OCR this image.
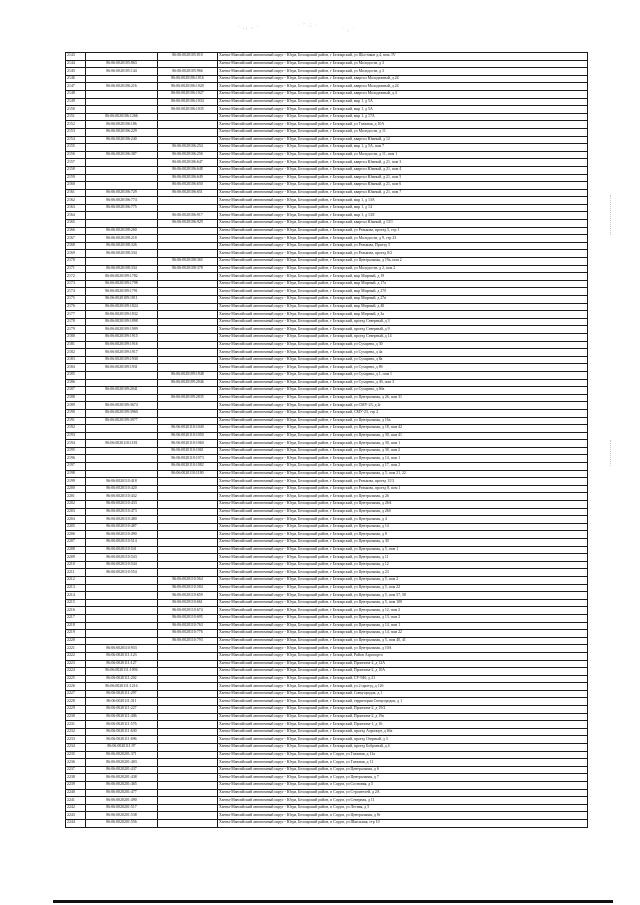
· ,¸ ‚ ·	∙ ' ∴ ·	· ¸ ·
2143		86:06:0020105:810	Ханты-Мансийский автономный округ - Югра, Белоярский район, г Белоярский, ул Шостаков д.4, пом. IV
2144	86:06:0020105:863		Ханты-Мансийский автономный округ - Югра, Белоярский район, г Белоярский, ул Молодости, д 3
2145	86:06:0020105:144	86:06:0020105:966	Ханты-Мансийский автономный округ - Югра, Белоярский район, г Белоярский, ул Молодости, д 3
2146		86:06:0020106:1016	Ханты-Мансийский автономный округ - Югра, Белоярский район, г Белоярский, квартал Молодежный, д 24
2147	86:06:0020106:216	86:06:0020106:1020	Ханты-Мансийский автономный округ - Югра, Белоярский район, г Белоярский, квартал Молодежный, д 24
2148		86:06:0020106:1027	Ханты-Мансийский автономный округ - Югра, Белоярский район, г Белоярский, квартал Молодежный, д 4
2149		86:06:0020106:1034	Ханты-Мансийский автономный округ - Югра, Белоярский район, г Белоярский, мкр 1, д 5А
2150		86:06:0020106:1035	Ханты-Мансийский автономный округ - Югра, Белоярский район, г Белоярский, мкр 1, д 5А
2151	86:06:0020106:1266		Ханты-Мансийский автономный округ - Югра, Белоярский район, г Белоярский, мкр 1, д 17А
2152	86:06:0020106:186		Ханты-Мансийский автономный округ - Югра, Белоярский район, г Белоярский, ул Таежная, д 10А
2153	86:06:0020106:229		Ханты-Мансийский автономный округ - Югра, Белоярский район, г Белоярский, ул Молодости, д 11
2154	86:06:0020106:240		Ханты-Мансийский автономный округ - Югра, Белоярский район, г Белоярский, квартал Южный, д 12
2155		86:06:0020106:254	Ханты-Мансийский автономный округ - Югра, Белоярский район, г Белоярский, мкр 1, д 5А, пом 7
2156	86:06:0020106:387	86:06:0020106:256	Ханты-Мансийский автономный округ - Югра, Белоярский район, г Белоярский, ул Молодости, д 11, пом 1
2157		86:06:0020106:647	Ханты-Мансийский автономный округ - Югра, Белоярский район, г Белоярский, квартал Южный, д 21, пом 3
2158		86:06:0020106:648	Ханты-Мансийский автономный округ - Югра, Белоярский район, г Белоярский, квартал Южный, д 21, пом 4
2159		86:06:0020106:649	Ханты-Мансийский автономный округ - Югра, Белоярский район, г Белоярский, квартал Южный, д 21, пом 5
2160		86:06:0020106:650	Ханты-Мансийский автономный округ - Югра, Белоярский район, г Белоярский, квартал Южный, д 21, пом 6
2161	86:06:0020106:729	86:06:0020106:651	Ханты-Мансийский автономный округ - Югра, Белоярский район, г Белоярский, квартал Южный, д 21, пом 7
2162	86:06:0020106:774		Ханты-Мансийский автономный округ - Югра, Белоярский район, г Белоярский, мкр 1, д 13А
2163	86:06:0020106:775		Ханты-Мансийский автономный округ - Югра, Белоярский район, г Белоярский, мкр 1, д 14
2164		86:06:0020106:917	Ханты-Мансийский автономный округ - Югра, Белоярский район, г Белоярский, мкр 1, д 13Л
2165		86:06:0020106:929	Ханты-Мансийский автономный округ - Югра, Белоярский район, г Белоярский, квартал Южный, д 13/1
2166	86:06:0020108:260		Ханты-Мансийский автономный округ - Югра, Белоярский район, г Белоярский, ул Ратькова, проезд 5, стр 1
2167	86:06:0020108:218		Ханты-Мансийский автономный округ - Югра, Белоярский район, г Белоярский, ул Молодости, д 9, стр 23
2168	86:06:0020108:326		Ханты-Мансийский автономный округ - Югра, Белоярский район, г Белоярский, ул Ратькова, Проезд 3
2169	86:06:0020108:334		Ханты-Мансийский автономный округ - Югра, Белоярский район, г Белоярский, ул Ратькова, проезд 8/2
2170		86:06:0020108:365	Ханты-Мансийский автономный округ - Югра, Белоярский район, г Белоярский, ул Центральная, д 19а, пом 2
2171	86:06:0020108:334	86:06:0020108:378	Ханты-Мансийский автономный округ - Югра, Белоярский район, г Белоярский, ул Молодости, д 2, пом 2
2172	86:06:0020109:1782		Ханты-Мансийский автономный округ - Югра, Белоярский район, г Белоярский, мкр Мирный, д 19
2173	86:06:0020109:1798		Ханты-Мансийский автономный округ - Югра, Белоярский район, г Белоярский, мкр Мирный, д 17а
2174	86:06:0020109:1791		Ханты-Мансийский автономный округ - Югра, Белоярский район, г Белоярский, мкр Мирный, д 27б
2175	86:06:0020109:1811		Ханты-Мансийский автономный округ - Югра, Белоярский район, г Белоярский, мкр Мирный, д 27в
2176	86:06:0020109:1824		Ханты-Мансийский автономный округ - Югра, Белоярский район, г Белоярский, мкр Мирный, д 40
2177	86:06:0020109:1832		Ханты-Мансийский автономный округ - Югра, Белоярский район, г Белоярский, мкр Мирный, д 3а
2178	86:06:0020109:1898		Ханты-Мансийский автономный округ - Югра, Белоярский район, г Белоярский, проезд Северный, д 3
2179	86:06:0020109:1909		Ханты-Мансийский автономный округ - Югра, Белоярский район, г Белоярский, проезд Северный, д 9
2180	86:06:0020109:1915		Ханты-Мансийский автономный округ - Югра, Белоярский район, г Белоярский, проезд Северный, д 14
2181	86:06:0020109:1916		Ханты-Мансийский автономный округ - Югра, Белоярский район, г Белоярский, ул Сухарева, д 30
2182	86:06:0020109:1917		Ханты-Мансийский автономный округ - Югра, Белоярский район, г Белоярский, ул Сухарева, д 4а
2183	86:06:0020109:1930		Ханты-Мансийский автономный округ - Югра, Белоярский район, г Белоярский, ул Сухарева, д 8а
2184	86:06:0020109:1931		Ханты-Мансийский автономный округ - Югра, Белоярский район, г Белоярский, ул Сухарева, д 8б
2185		86:06:0020109:1948	Ханты-Мансийский автономный округ - Югра, Белоярский район, г Белоярский, ул Сухарева, д 1, пом 1
2186		86:06:0020109:2046	Ханты-Мансийский автономный округ - Югра, Белоярский район, г Белоярский, ул Сухарева, д 4б, пом 3
2187	86:06:0020109:2041		Ханты-Мансийский автономный округ - Югра, Белоярский район, г Белоярский, ул Сухарева, д 6ба
2188		86:06:0020109:2835	Ханты-Мансийский автономный округ - Югра, Белоярский район, г Белоярский, ул Центральная, д 26, пом 31
2189	86:06:0020109:3674		Ханты-Мансийский автономный округ - Югра, Белоярский район, г Белоярский, ул СМУ-23, д 2г
2190	86:06:0020109:3960		Ханты-Мансийский автономный округ - Югра, Белоярский район, г Белоярский, СМУ-23, стр 2
2191	86:06:0020109:3977		Ханты-Мансийский автономный округ - Югра, Белоярский район, г Белоярский, ул Центральная, д 16а
2192		86:06:0020110:1040	Ханты-Мансийский автономный округ - Югра, Белоярский район, г Белоярский, ул Центральная, д 18, пом 42
2193		86:06:0020110:1050	Ханты-Мансийский автономный округ - Югра, Белоярский район, г Белоярский, ул Центральная, д 30, пом 41
2194	86:06:0020110:1181	86:06:0020110:1060	Ханты-Мансийский автономный округ - Югра, Белоярский район, г Белоярский, ул Центральная, д 30, пом 1
2195		86:06:0020110:1061	Ханты-Мансийский автономный округ - Югра, Белоярский район, г Белоярский, ул Центральная, д 30, пом 2
2196		86:06:0020110:1073	Ханты-Мансийский автономный округ - Югра, Белоярский район, г Белоярский, ул Центральная, д 14, пом 1
2197		86:06:0020110:1082	Ханты-Мансийский автономный округ - Югра, Белоярский район, г Белоярский, ул Центральная, д 17, пом 2
2198		86:06:0020110:1180	Ханты-Мансийский автономный округ - Югра, Белоярский район, г Белоярский, ул Центральная, д 5, пом 21, 22
2199	86:06:0020110:418		Ханты-Мансийский автономный округ - Югра, Белоярский район, г Белоярский, ул Ратькова, проезд 11/3
2200	86:06:0020110:420		Ханты-Мансийский автономный округ - Югра, Белоярский район, г Белоярский, ул Ратькова, проезд 8, пом 1
2201	86:06:0020110:432		Ханты-Мансийский автономный округ - Югра, Белоярский район, г Белоярский, ул Центральная, д 26
2202	86:06:0020110:433		Ханты-Мансийский автономный округ - Югра, Белоярский район, г Белоярский, ул Центральная, д 26А
2203	86:06:0020110:473		Ханты-Мансийский автономный округ - Югра, Белоярский район, г Белоярский, ул Центральная, д 26б
2204	86:06:0020110:480		Ханты-Мансийский автономный округ - Югра, Белоярский район, г Белоярский, ул Центральная, д 4
2205	86:06:0020110:487		Ханты-Мансийский автономный округ - Югра, Белоярский район, г Белоярский, ул Центральная, д 14
2206	86:06:0020110:490		Ханты-Мансийский автономный округ - Югра, Белоярский район, г Белоярский, ул Центральная, д 8
2207	86:06:0020110:514		Ханты-Мансийский автономный округ - Югра, Белоярский район, г Белоярский, ул Центральная, д 30
2208	86:06:0020110:541		Ханты-Мансийский автономный округ - Югра, Белоярский район, г Белоярский, ул Центральная, д 5, пом 1
2209	86:06:0020110:543		Ханты-Мансийский автономный округ - Югра, Белоярский район, г Белоярский, ул Центральная, д 11
2210	86:06:0020110:544		Ханты-Мансийский автономный округ - Югра, Белоярский район, г Белоярский, ул Центральная, д 12
2211	86:06:0020110:554		Ханты-Мансийский автономный округ - Югра, Белоярский район, г Белоярский, ул Центральная, д 23
2212		86:06:0020110:564	Ханты-Мансийский автономный округ - Югра, Белоярский район, г Белоярский, ул Центральная, д 5, пом 2
2213		86:06:0020110:584	Ханты-Мансийский автономный округ - Югра, Белоярский район, г Белоярский, ул Центральная, д 5, пом 22
2214		86:06:0020110:659	Ханты-Мансийский автономный округ - Югра, Белоярский район, г Белоярский, ул Центральная, д 5, пом 57, 58
2215		86:06:0020110:661	Ханты-Мансийский автономный округ - Югра, Белоярский район, г Белоярский, ул Центральная, д 5, пом 100
2216		86:06:0020110:674	Ханты-Мансийский автономный округ - Югра, Белоярский район, г Белоярский, ул Центральная, д 12, пом 2
2217		86:06:0020110:695	Ханты-Мансийский автономный округ - Югра, Белоярский район, г Белоярский, ул Центральная, д 13, пом 2
2218		86:06:0020110:763	Ханты-Мансийский автономный округ - Югра, Белоярский район, г Белоярский, ул Центральная, д 14, пом 1
2219		86:06:0020110:776	Ханты-Мансийский автономный округ - Югра, Белоярский район, г Белоярский, ул Центральная, д 14, пом 22
2220		86:06:0020110:793	Ханты-Мансийский автономный округ - Югра, Белоярский район, г Белоярский, ул Центральная, д 5, пом 40, 41
2221	86:06:0020110:933		Ханты-Мансийский автономный округ - Югра, Белоярский район, г Белоярский, ул Центральная, д 10А
2222	86:06:0020111:123		Ханты-Мансийский автономный округ - Югра, Белоярский район, г Белоярский, Район Аэропорта
2223	86:06:0020111:127		Ханты-Мансийский автономный округ - Югра, Белоярский район, г Белоярский, Промзона-2, д 12А
2224	86:06:0020111:1094		Ханты-Мансийский автономный округ - Югра, Белоярский район, г Белоярский, Промзона-2, д 10А
2225	86:06:0020111:202		Ханты-Мансийский автономный округ - Югра, Белоярский район, г Белоярский, СУ-946, д 21
2226	86:06:0020111:1214		Ханты-Мансийский автономный округ - Югра, Белоярский район, г Белоярский, ул 2 проезд, д 12б
2227	86:06:0020111:297		Ханты-Мансийский автономный округ - Югра, Белоярский район, г Белоярский, Спецгородок, д 1
2228	86:06:0020111:311		Ханты-Мансийский автономный округ - Югра, Белоярский район, г Белоярский, территория Спецгородок, д 1
2229	86:06:0020111:227		Ханты-Мансийский автономный округ - Югра, Белоярский район, г Белоярский, Промзона-2, д 19/2
2230	86:06:0020111:406		Ханты-Мансийский автономный округ - Югра, Белоярский район, г Белоярский, Промзона-2, д 19а
2231	86:06:0020111:576		Ханты-Мансийский автономный округ - Югра, Белоярский район, г Белоярский, Промзона-1, д 16
2232	86:06:0020111:630		Ханты-Мансийский автономный округ - Югра, Белоярский район, г Белоярский, проезд Аэропорт, д 6ба
2233	86:06:0020111:696		Ханты-Мансийский автономный округ - Югра, Белоярский район, г Белоярский, проезд Озерный, д 3
2234	86:06:0020111:97		Ханты-Мансийский автономный округ - Югра, Белоярский район, г Белоярский, проезд Бобровый, д 4
2235	86:06:0020201:371		Ханты-Мансийский автономный округ - Югра, Белоярский район, п Сорум, ул Таежная, д 11а
2236	86:06:0020201:403		Ханты-Мансийский автономный округ - Югра, Белоярский район, п Сорум, ул Таежная, д 11
2237	86:06:0020201:437		Ханты-Мансийский автономный округ - Югра, Белоярский район, п Сорум, ул Центральная, д 6
2238	86:06:0020201:438		Ханты-Мансийский автономный округ - Югра, Белоярский район, п Сорум, ул Центральная, д 7
2239	86:06:0020201:465		Ханты-Мансийский автономный округ - Югра, Белоярский район, п Сорум, ул Сосновая, д 5
2240	86:06:0020201:477		Ханты-Мансийский автономный округ - Югра, Белоярский район, п Сорум, ул Строителей, д 2А
2241	86:06:0020201:490		Ханты-Мансийский автономный округ - Югра, Белоярский район, п Сорум, ул Северная, д 11
2242	86:06:0020201:517		Ханты-Мансийский автономный округ - Югра, Белоярский район, п Сорум, ул Лесная, д 5
2243	86:06:0020201:538		Ханты-Мансийский автономный округ - Югра, Белоярский район, п Сорум, ул Центральная, д 8г
2244	86:06:0020201:556		Ханты-Мансийский автономный округ - Югра, Белоярский район, п Сорум, ул Школьная, стр 10
